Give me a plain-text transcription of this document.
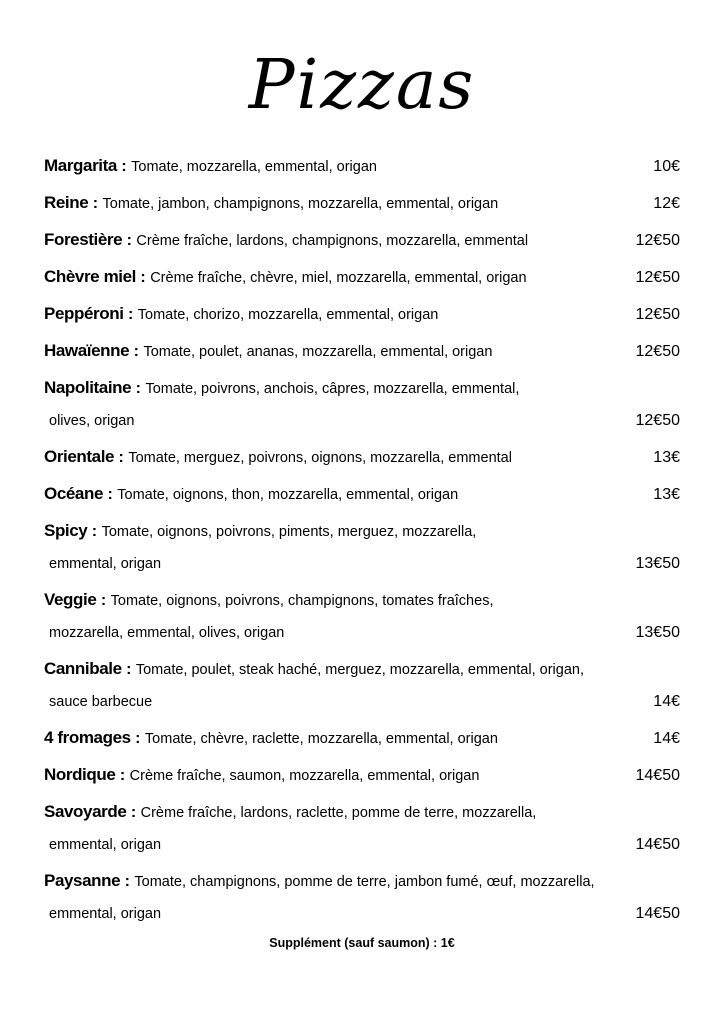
Pizzas
Margarita : Tomate, mozzarella, emmental, origan	10€
Reine : Tomate, jambon, champignons, mozzarella, emmental, origan	12€
Forestière : Crème fraîche, lardons, champignons, mozzarella, emmental	12€50
Chèvre miel : Crème fraîche, chèvre, miel, mozzarella, emmental, origan	12€50
Peppéroni : Tomate, chorizo, mozzarella, emmental, origan	12€50
Hawaïenne : Tomate, poulet, ananas, mozzarella, emmental, origan	12€50
Napolitaine : Tomate, poivrons, anchois, câpres, mozzarella, emmental,
olives, origan	12€50
Orientale : Tomate, merguez, poivrons, oignons, mozzarella, emmental	13€
Océane : Tomate, oignons, thon, mozzarella, emmental, origan	13€
Spicy : Tomate, oignons, poivrons, piments, merguez, mozzarella,
emmental, origan	13€50
Veggie : Tomate, oignons, poivrons, champignons, tomates fraîches,
mozzarella, emmental, olives, origan	13€50
Cannibale : Tomate, poulet, steak haché, merguez, mozzarella, emmental, origan,
sauce barbecue	14€
4 fromages : Tomate, chèvre, raclette, mozzarella, emmental, origan	14€
Nordique : Crème fraîche, saumon, mozzarella, emmental, origan	14€50
Savoyarde : Crème fraîche, lardons, raclette, pomme de terre, mozzarella,
emmental, origan	14€50
Paysanne : Tomate, champignons, pomme de terre, jambon fumé, œuf, mozzarella,
emmental, origan	14€50
Supplément (sauf saumon) : 1€
